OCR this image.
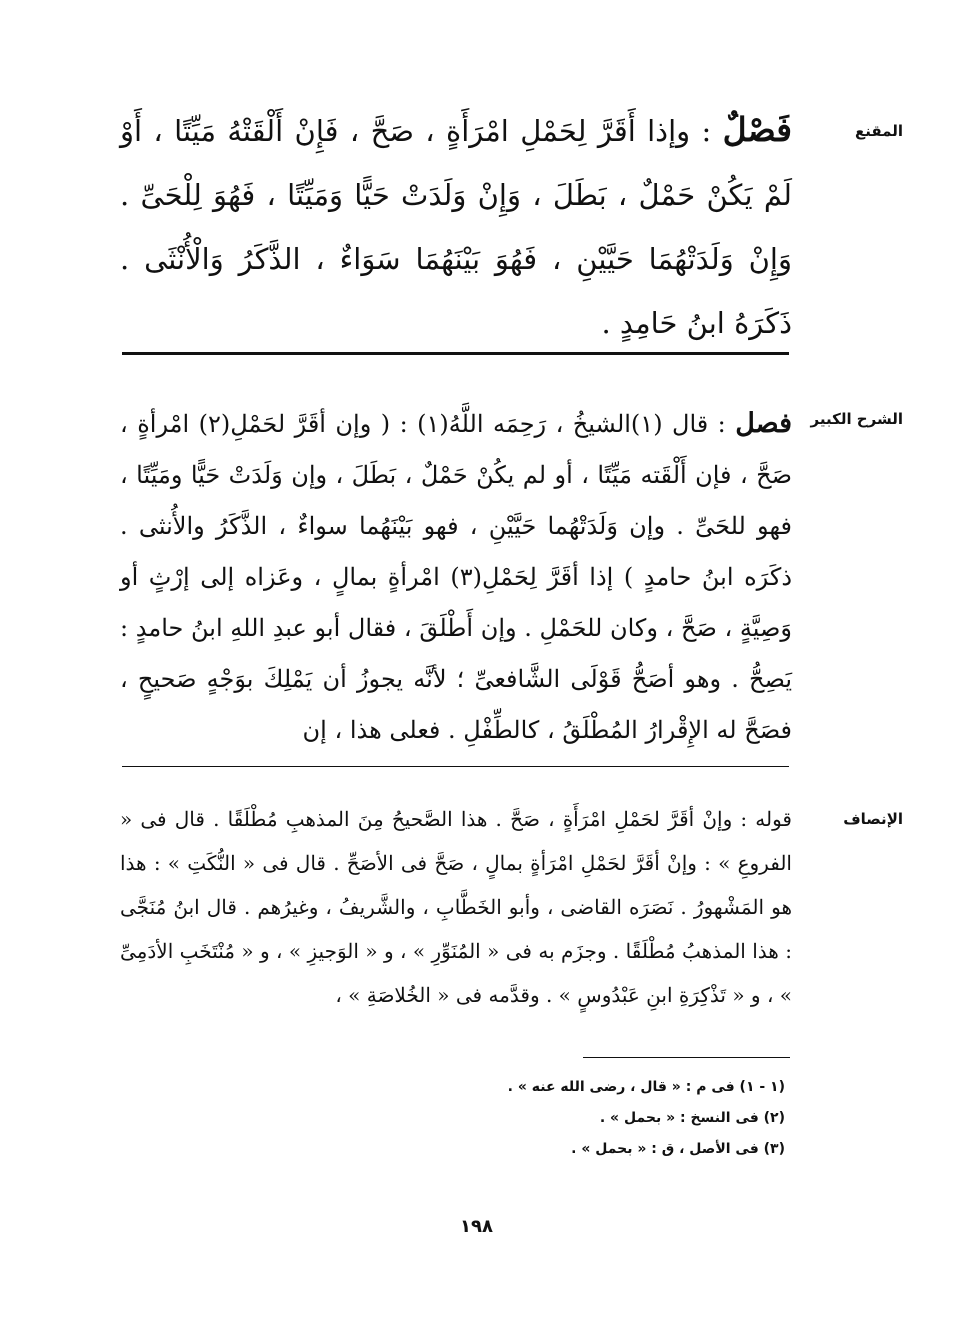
المقنع

فَصْلٌ : وإذا أَقَرَّ لِحَمْلِ امْرَأَةٍ ، صَحَّ ، فَإِنْ أَلْقَتْهُ مَيِّتًا ، أَوْ لَمْ يَكُنْ حَمْلٌ ، بَطَلَ ، وَإِنْ وَلَدَتْ حَيًّا وَمَيِّتًا ، فَهُوَ لِلْحَىِّ . وَإِنْ وَلَدَتْهُمَا حَيَّيْنِ ، فَهُوَ بَيْنَهُمَا سَوَاءٌ ، الذَّكَرُ وَالْأُنْثَى . ذَكَرَهُ ابنُ حَامِدٍ .

الشرح الكبير

فصل : قال (١)الشيخُ ، رَحِمَه اللَّهُ(١) : ( وإن أقَرَّ لحَمْلِ(٢) امْرأةٍ ، صَحَّ ، فإن أَلْقَته مَيِّتًا ، أو لم يكُنْ حَمْلٌ ، بَطَلَ ، وإن وَلَدَتْ حَيًّا ومَيِّتًا ، فهو للحَىِّ . وإن وَلَدَتْهُما حَيَّيْنِ ، فهو بَيْنَهُما سواءٌ ، الذَّكَرُ والأُنثى . ذكَرَه ابنُ حامدٍ ) إذا أقَرَّ لِحَمْلِ(٣) امْرأةٍ بمالٍ ، وعَزاه إلى إرْثٍ أو وَصِيَّةٍ ، صَحَّ ، وكان للحَمْلِ . وإن أَطْلَقَ ، فقال أبو عبدِ اللهِ ابنُ حامدٍ : يَصِحُّ . وهو أصَحُّ قَوْلَى الشَّافعىِّ ؛ لأنَّه يجوزُ أن يَمْلِكَ بوَجْهٍ صَحيحٍ ، فصَحَّ له الإِقْرارُ المُطْلَقُ ، كالطِّفْلِ . فعلى هذا ، إن

الإنصاف

قوله : وإنْ أقَرَّ لحَمْلِ امْرَأَةٍ ، صَحَّ . هذا الصَّحيحُ مِنَ المذهبِ مُطْلَقًا . قال فى « الفروعِ » : وإنْ أقَرَّ لحَمْلِ امْرَأةٍ بمالٍ ، صَحَّ فى الأصَحِّ . قال فى « النُّكَتِ » : هذا هو المَشْهورُ . نَصَرَه القاضى ، وأبو الخَطَّابِ ، والشَّريفُ ، وغيرُهم . قال ابنُ مُنَجَّى : هذا المذهبُ مُطْلَقًا . وجزَم به فى « المُنَوِّرِ » ، و « الوَجيزِ » ، و « مُنْتَخَبِ الأدَمِىِّ » ، و « تَذْكِرَةِ ابنِ عَبْدُوسٍ » . وقدَّمه فى « الخُلاصَةِ » ،

(١ - ١) فى م : « قال ، رضى الله عنه » .
(٢) فى النسخ : « بحمل » .
(٣) فى الأصل ، ق : « بحمل » .
١٩٨
